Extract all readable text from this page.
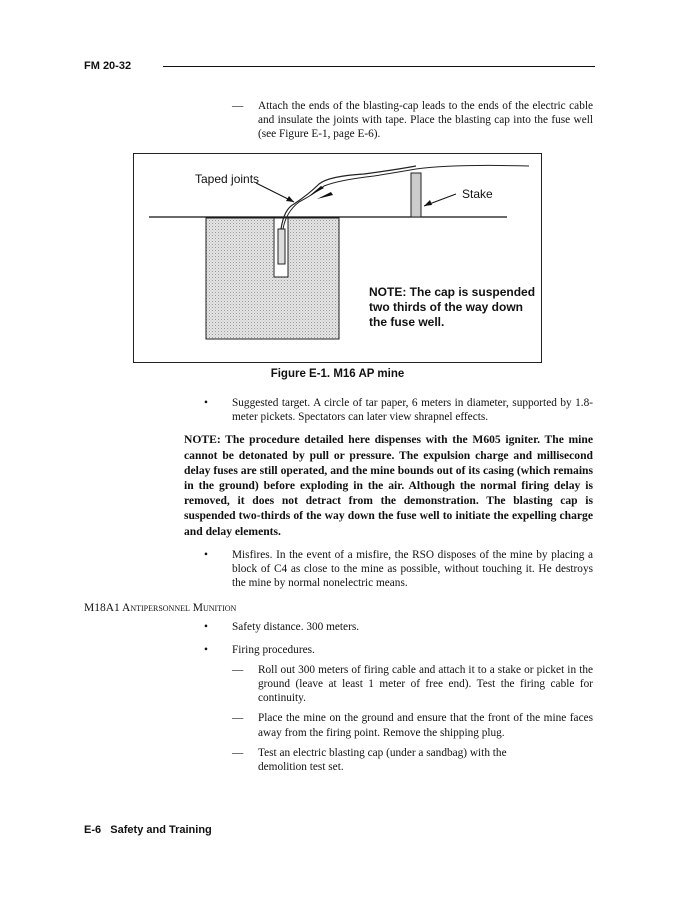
FM 20-32
— Attach the ends of the blasting-cap leads to the ends of the electric cable and insulate the joints with tape. Place the blasting cap into the fuse well (see Figure E-1, page E-6).
Taped joints
Stake
NOTE: The cap is suspended
two thirds of the way down
the fuse well.
Figure E-1. M16 AP mine
• Suggested target. A circle of tar paper, 6 meters in diameter, supported by 1.8-meter pickets. Spectators can later view shrapnel effects.
NOTE: The procedure detailed here dispenses with the M605 igniter. The mine cannot be detonated by pull or pressure. The expulsion charge and millisecond delay fuses are still operated, and the mine bounds out of its casing (which remains in the ground) before exploding in the air. Although the normal firing delay is removed, it does not detract from the demonstration. The blasting cap is suspended two-thirds of the way down the fuse well to initiate the expelling charge and delay elements.
• Misfires. In the event of a misfire, the RSO disposes of the mine by placing a block of C4 as close to the mine as possible, without touching it. He destroys the mine by normal nonelectric means.
M18A1 Antipersonnel Munition
• Safety distance. 300 meters.
• Firing procedures.
— Roll out 300 meters of firing cable and attach it to a stake or picket in the ground (leave at least 1 meter of free end). Test the firing cable for continuity.
— Place the mine on the ground and ensure that the front of the mine faces away from the firing point. Remove the shipping plug.
— Test an electric blasting cap (under a sandbag) with the demolition test set.
E-6 Safety and Training
